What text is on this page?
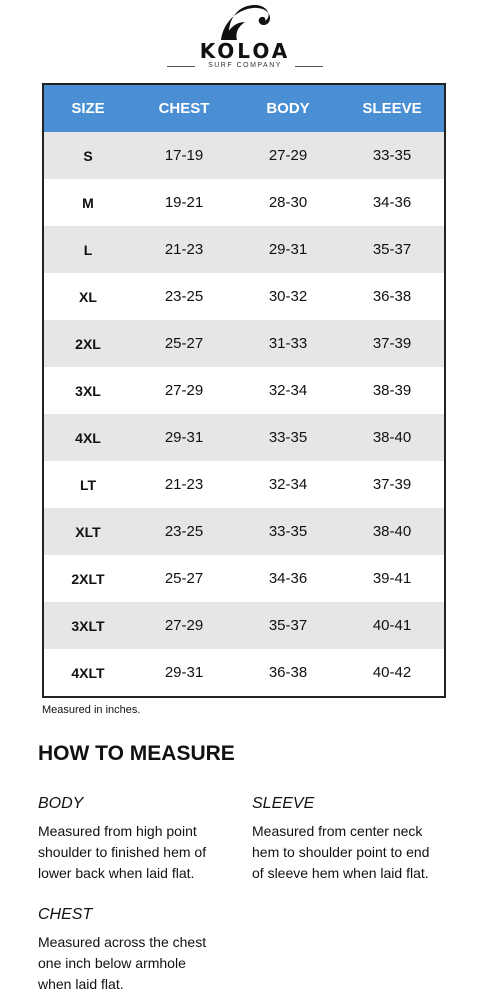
KOLOA
SURF COMPANY
SIZE	CHEST	BODY	SLEEVE
S	17-19	27-29	33-35
M	19-21	28-30	34-36
L	21-23	29-31	35-37
XL	23-25	30-32	36-38
2XL	25-27	31-33	37-39
3XL	27-29	32-34	38-39
4XL	29-31	33-35	38-40
LT	21-23	32-34	37-39
XLT	23-25	33-35	38-40
2XLT	25-27	34-36	39-41
3XLT	27-29	35-37	40-41
4XLT	29-31	36-38	40-42
Measured in inches.
HOW TO MEASURE
BODY
Measured from high point
shoulder to finished hem of
lower back when laid flat.
SLEEVE
Measured from center neck
hem to shoulder point to end
of sleeve hem when laid flat.
CHEST
Measured across the chest
one inch below armhole
when laid flat.
